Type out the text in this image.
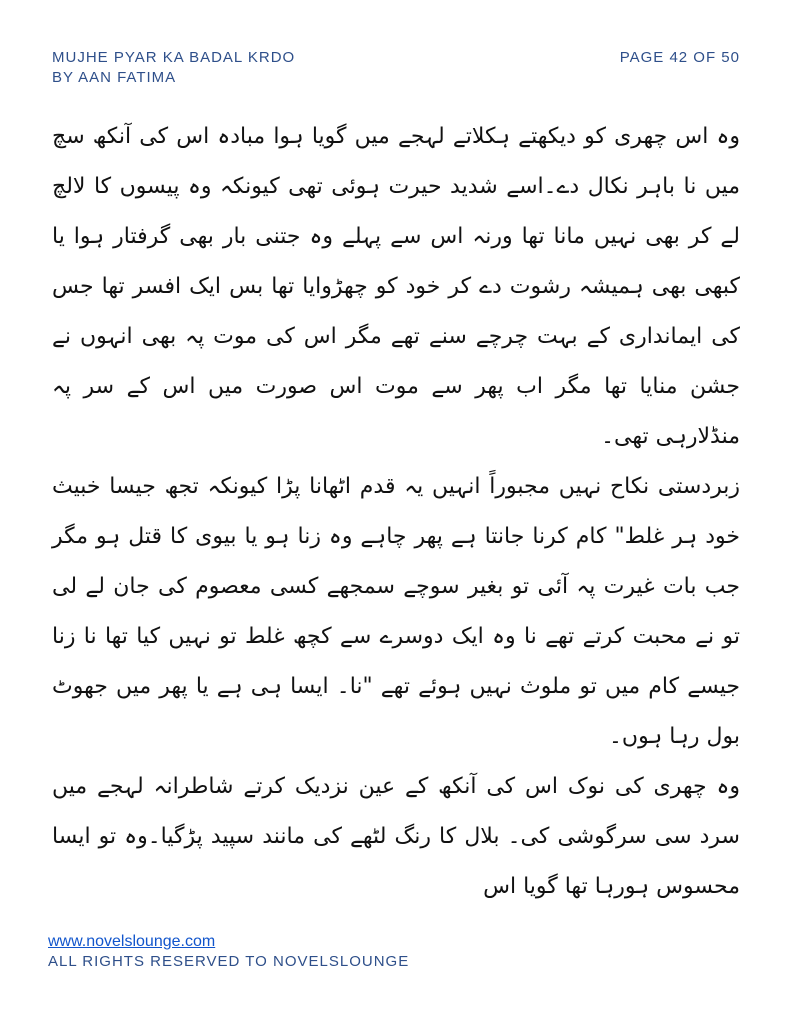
MUJHE PYAR KA BADAL KRDO
BY AAN FATIMA
PAGE 42 OF 50

وہ اس چھری کو دیکھتے ہکلاتے لہجے میں گویا ہوا مبادہ اس کی آنکھ سچ میں نا باہر نکال دے۔اسے شدید حیرت ہوئی تھی کیونکہ وہ پیسوں کا لالچ لے کر بھی نہیں مانا تھا ورنہ اس سے پہلے وہ جتنی بار بھی گرفتار ہوا یا کبھی بھی ہمیشہ رشوت دے کر خود کو چھڑوایا تھا بس ایک افسر تھا جس کی ایمانداری کے بہت چرچے سنے تھے مگر اس کی موت پہ بھی انہوں نے جشن منایا تھا مگر اب پھر سے موت اس صورت میں اس کے سر پہ منڈلارہی تھی۔

زبردستی نکاح نہیں مجبوراً انہیں یہ قدم اٹھانا پڑا کیونکہ تجھ جیسا خبیث خود ہر غلط" کام کرنا جانتا ہے پھر چاہے وہ زنا ہو یا بیوی کا قتل ہو مگر جب بات غیرت پہ آئی تو بغیر سوچے سمجھے کسی معصوم کی جان لے لی تو نے محبت کرتے تھے نا وہ ایک دوسرے سے کچھ غلط تو نہیں کیا تھا نا زنا جیسے کام میں تو ملوث نہیں ہوئے تھے "نا۔ ایسا ہی ہے یا پھر میں جھوٹ بول رہا ہوں۔

وہ چھری کی نوک اس کی آنکھ کے عین نزدیک کرتے شاطرانہ لہجے میں سرد سی سرگوشی کی۔ بلال کا رنگ لٹھے کی مانند سپید پڑگیا۔وہ تو ایسا محسوس ہورہا تھا گویا اس

www.novelslounge.com
ALL RIGHTS RESERVED TO NOVELSLOUNGE
